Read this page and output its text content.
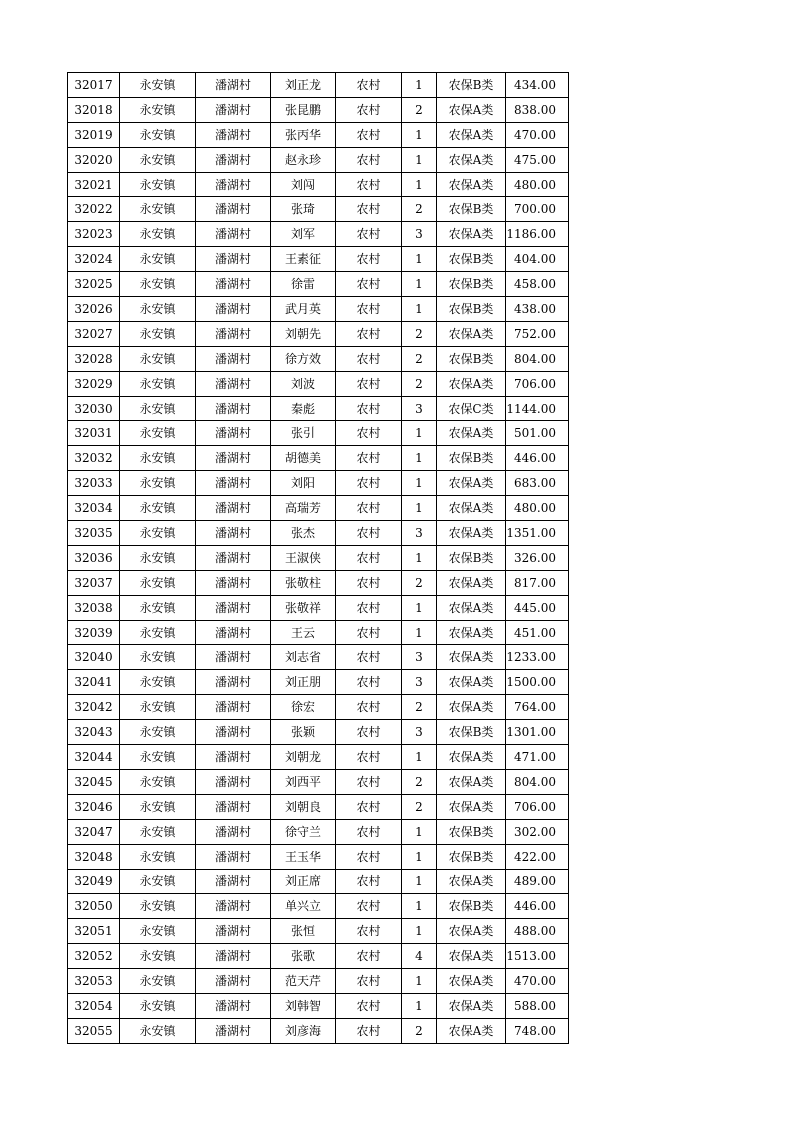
32017	永安镇	潘湖村	刘正龙	农村	1	农保B类	434.00
32018	永安镇	潘湖村	张昆鹏	农村	2	农保A类	838.00
32019	永安镇	潘湖村	张丙华	农村	1	农保A类	470.00
32020	永安镇	潘湖村	赵永珍	农村	1	农保A类	475.00
32021	永安镇	潘湖村	刘闯	农村	1	农保A类	480.00
32022	永安镇	潘湖村	张琦	农村	2	农保B类	700.00
32023	永安镇	潘湖村	刘军	农村	3	农保A类	1186.00
32024	永安镇	潘湖村	王素征	农村	1	农保B类	404.00
32025	永安镇	潘湖村	徐雷	农村	1	农保B类	458.00
32026	永安镇	潘湖村	武月英	农村	1	农保B类	438.00
32027	永安镇	潘湖村	刘朝先	农村	2	农保A类	752.00
32028	永安镇	潘湖村	徐方效	农村	2	农保B类	804.00
32029	永安镇	潘湖村	刘波	农村	2	农保A类	706.00
32030	永安镇	潘湖村	秦彪	农村	3	农保C类	1144.00
32031	永安镇	潘湖村	张引	农村	1	农保A类	501.00
32032	永安镇	潘湖村	胡德美	农村	1	农保B类	446.00
32033	永安镇	潘湖村	刘阳	农村	1	农保A类	683.00
32034	永安镇	潘湖村	高瑞芳	农村	1	农保A类	480.00
32035	永安镇	潘湖村	张杰	农村	3	农保A类	1351.00
32036	永安镇	潘湖村	王淑侠	农村	1	农保B类	326.00
32037	永安镇	潘湖村	张敬柱	农村	2	农保A类	817.00
32038	永安镇	潘湖村	张敬祥	农村	1	农保A类	445.00
32039	永安镇	潘湖村	王云	农村	1	农保A类	451.00
32040	永安镇	潘湖村	刘志省	农村	3	农保A类	1233.00
32041	永安镇	潘湖村	刘正朋	农村	3	农保A类	1500.00
32042	永安镇	潘湖村	徐宏	农村	2	农保A类	764.00
32043	永安镇	潘湖村	张颖	农村	3	农保B类	1301.00
32044	永安镇	潘湖村	刘朝龙	农村	1	农保A类	471.00
32045	永安镇	潘湖村	刘西平	农村	2	农保A类	804.00
32046	永安镇	潘湖村	刘朝良	农村	2	农保A类	706.00
32047	永安镇	潘湖村	徐守兰	农村	1	农保B类	302.00
32048	永安镇	潘湖村	王玉华	农村	1	农保B类	422.00
32049	永安镇	潘湖村	刘正席	农村	1	农保A类	489.00
32050	永安镇	潘湖村	单兴立	农村	1	农保B类	446.00
32051	永安镇	潘湖村	张恒	农村	1	农保A类	488.00
32052	永安镇	潘湖村	张歌	农村	4	农保A类	1513.00
32053	永安镇	潘湖村	范天芹	农村	1	农保A类	470.00
32054	永安镇	潘湖村	刘韩智	农村	1	农保A类	588.00
32055	永安镇	潘湖村	刘彦海	农村	2	农保A类	748.00
